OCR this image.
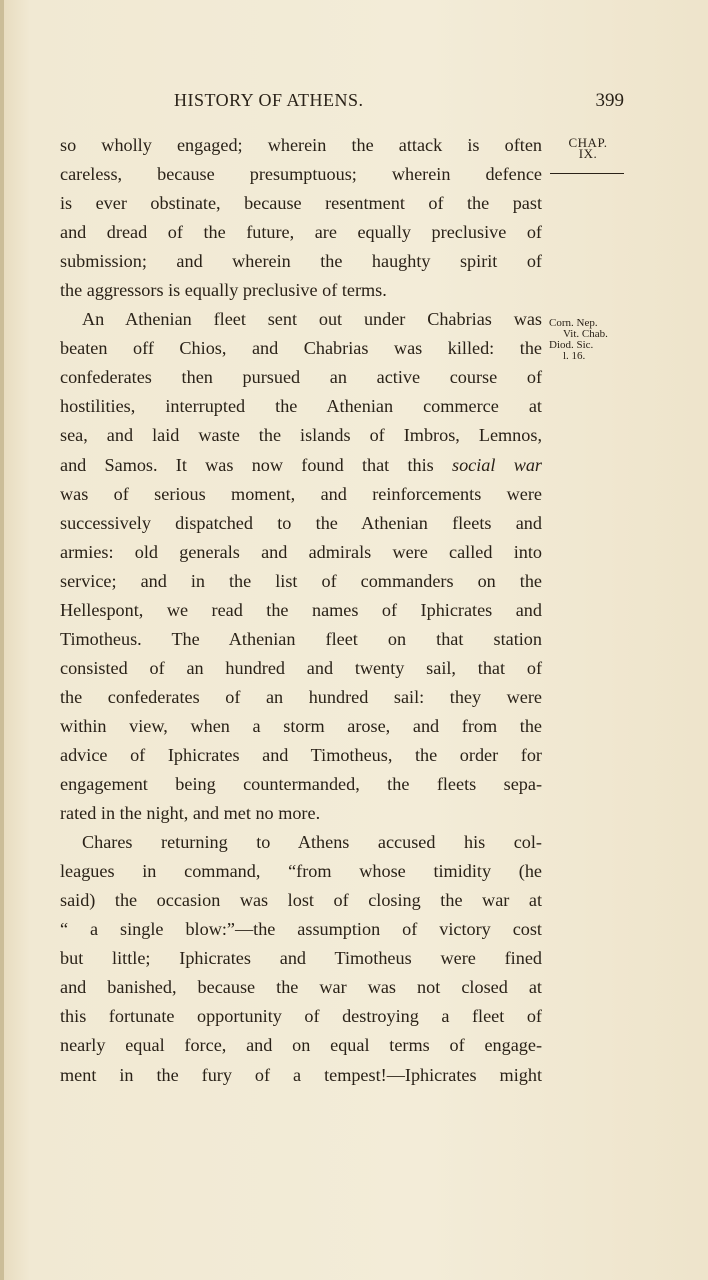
HISTORY OF ATHENS.	399
CHAP.
IX.
Corn. Nep.
Vit. Chab.
Diod. Sic.
l. 16.
so wholly engaged; wherein the attack is often
careless, because presumptuous; wherein defence
is ever obstinate, because resentment of the past
and dread of the future, are equally preclusive of
submission; and wherein the haughty spirit of
the aggressors is equally preclusive of terms.
An Athenian fleet sent out under Chabrias was
beaten off Chios, and Chabrias was killed: the
confederates then pursued an active course of
hostilities, interrupted the Athenian commerce at
sea, and laid waste the islands of Imbros, Lemnos,
and Samos. It was now found that this social war
was of serious moment, and reinforcements were
successively dispatched to the Athenian fleets and
armies: old generals and admirals were called into
service; and in the list of commanders on the
Hellespont, we read the names of Iphicrates and
Timotheus. The Athenian fleet on that station
consisted of an hundred and twenty sail, that of
the confederates of an hundred sail: they were
within view, when a storm arose, and from the
advice of Iphicrates and Timotheus, the order for
engagement being countermanded, the fleets sepa-
rated in the night, and met no more.
Chares returning to Athens accused his col-
leagues in command, “from whose timidity (he
said) the occasion was lost of closing the war at
“ a single blow:”—the assumption of victory cost
but little; Iphicrates and Timotheus were fined
and banished, because the war was not closed at
this fortunate opportunity of destroying a fleet of
nearly equal force, and on equal terms of engage-
ment in the fury of a tempest!—Iphicrates might
